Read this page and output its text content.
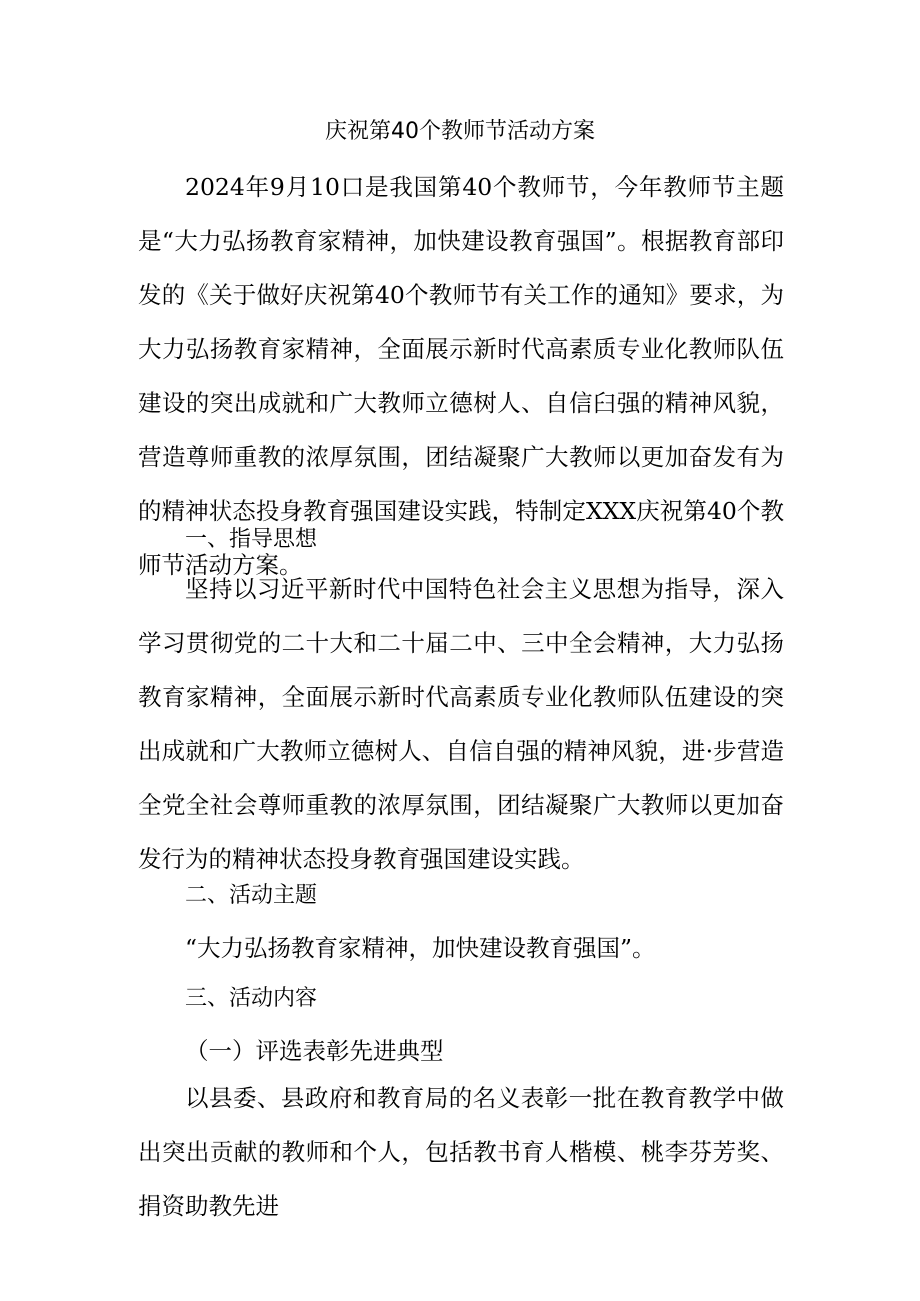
庆祝第40个教师节活动方案

2024年9月10口是我国第40个教师节，今年教师节主题是“大力弘扬教育家精神，加快建设教育强国”。根据教育部印发的《关于做好庆祝第40个教师节有关工作的通知》要求，为大力弘扬教育家精神，全面展示新时代高素质专业化教师队伍建设的突出成就和广大教师立德树人、自信臼强的精神风貌，营造尊师重教的浓厚氛围，团结凝聚广大教师以更加奋发有为的精神状态投身教育强国建设实践，特制定XXX庆祝第40个教师节活动方案。

一、指导思想

坚持以习近平新时代中国特色社会主义思想为指导，深入学习贯彻党的二十大和二十届二中、三中全会精神，大力弘扬教育家精神，全面展示新时代高素质专业化教师队伍建设的突出成就和广大教师立德树人、自信自强的精神风貌，进·步营造全党全社会尊师重教的浓厚氛围，团结凝聚广大教师以更加奋发行为的精神状态投身教育强国建设实践。

二、活动主题

“大力弘扬教育家精神，加快建设教育强国”。

三、活动内容

（一）评选表彰先进典型

以县委、县政府和教育局的名义表彰一批在教育教学中做出突出贡献的教师和个人，包括教书育人楷模、桃李芬芳奖、捐资助教先进
